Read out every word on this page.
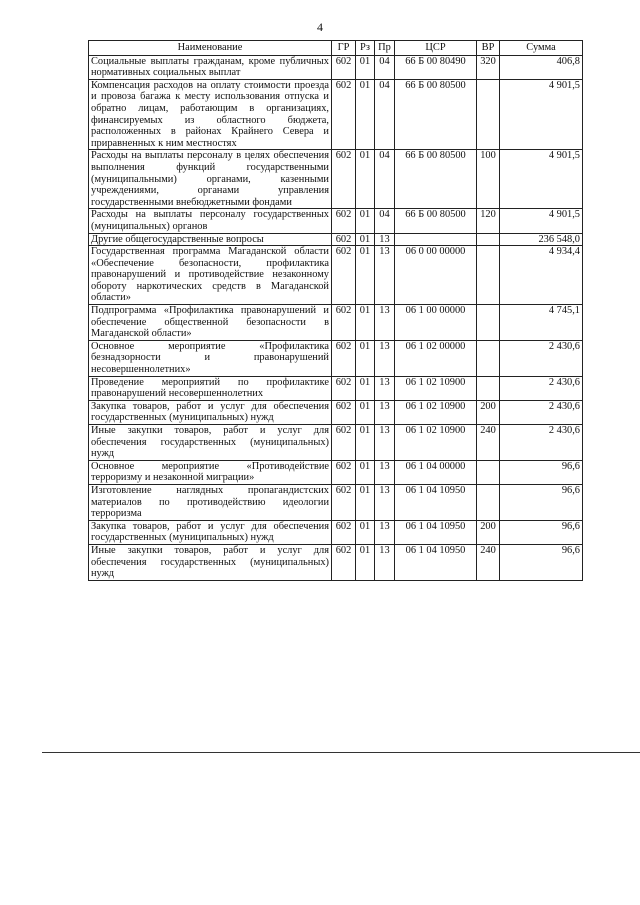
4
Наименование	ГР	Рз	Пр	ЦСР	ВР	Сумма
Социальные выплаты гражданам, кроме публичных нормативных социальных выплат	602	01	04	66 Б 00 80490	320	406,8
Компенсация расходов на оплату стоимости проезда и провоза багажа к месту использования отпуска и обратно лицам, работающим в организациях, финансируемых из областного бюджета, расположенных в районах Крайнего Севера и приравненных к ним местностях	602	01	04	66 Б 00 80500		4 901,5
Расходы на выплаты персоналу в целях обеспечения выполнения функций государственными (муниципальными) органами, казенными учреждениями, органами управления государственными внебюджетными фондами	602	01	04	66 Б 00 80500	100	4 901,5
Расходы на выплаты персоналу государственных (муниципальных) органов	602	01	04	66 Б 00 80500	120	4 901,5
Другие общегосударственные вопросы	602	01	13			236 548,0
Государственная программа Магаданской области «Обеспечение безопасности, профилактика правонарушений и противодействие незаконному обороту наркотических средств в Магаданской области»	602	01	13	06 0 00 00000		4 934,4
Подпрограмма «Профилактика правонарушений и обеспечение общественной безопасности в Магаданской области»	602	01	13	06 1 00 00000		4 745,1
Основное мероприятие «Профилактика безнадзорности и правонарушений несовершеннолетних»	602	01	13	06 1 02 00000		2 430,6
Проведение мероприятий по профилактике правонарушений несовершеннолетних	602	01	13	06 1 02 10900		2 430,6
Закупка товаров, работ и услуг для обеспечения государственных (муниципальных) нужд	602	01	13	06 1 02 10900	200	2 430,6
Иные закупки товаров, работ и услуг для обеспечения государственных (муниципальных) нужд	602	01	13	06 1 02 10900	240	2 430,6
Основное мероприятие «Противодействие терроризму и незаконной миграции»	602	01	13	06 1 04 00000		96,6
Изготовление наглядных пропагандистских материалов по противодействию идеологии терроризма	602	01	13	06 1 04 10950		96,6
Закупка товаров, работ и услуг для обеспечения государственных (муниципальных) нужд	602	01	13	06 1 04 10950	200	96,6
Иные закупки товаров, работ и услуг для обеспечения государственных (муниципальных) нужд	602	01	13	06 1 04 10950	240	96,6
